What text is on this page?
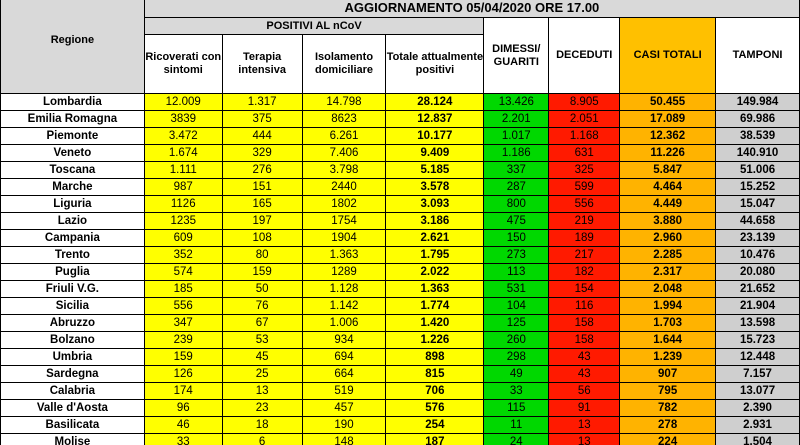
Regione	AGGIORNAMENTO 05/04/2020 ORE 17.00							
	POSITIVI AL nCoV				DIMESSI/ GUARITI	DECEDUTI	CASI TOTALI	TAMPONI
	Ricoverati con sintomi	Terapia intensiva	Isolamento domiciliare	Totale attualmente positivi				
Lombardia	12.009	1.317	14.798	28.124	13.426	8.905	50.455	149.984
Emilia Romagna	3839	375	8623	12.837	2.201	2.051	17.089	69.986
Piemonte	3.472	444	6.261	10.177	1.017	1.168	12.362	38.539
Veneto	1.674	329	7.406	9.409	1.186	631	11.226	140.910
Toscana	1.111	276	3.798	5.185	337	325	5.847	51.006
Marche	987	151	2440	3.578	287	599	4.464	15.252
Liguria	1126	165	1802	3.093	800	556	4.449	15.047
Lazio	1235	197	1754	3.186	475	219	3.880	44.658
Campania	609	108	1904	2.621	150	189	2.960	23.139
Trento	352	80	1.363	1.795	273	217	2.285	10.476
Puglia	574	159	1289	2.022	113	182	2.317	20.080
Friuli V.G.	185	50	1.128	1.363	531	154	2.048	21.652
Sicilia	556	76	1.142	1.774	104	116	1.994	21.904
Abruzzo	347	67	1.006	1.420	125	158	1.703	13.598
Bolzano	239	53	934	1.226	260	158	1.644	15.723
Umbria	159	45	694	898	298	43	1.239	12.448
Sardegna	126	25	664	815	49	43	907	7.157
Calabria	174	13	519	706	33	56	795	13.077
Valle d'Aosta	96	23	457	576	115	91	782	2.390
Basilicata	46	18	190	254	11	13	278	2.931
Molise	33	6	148	187	24	13	224	1.504
